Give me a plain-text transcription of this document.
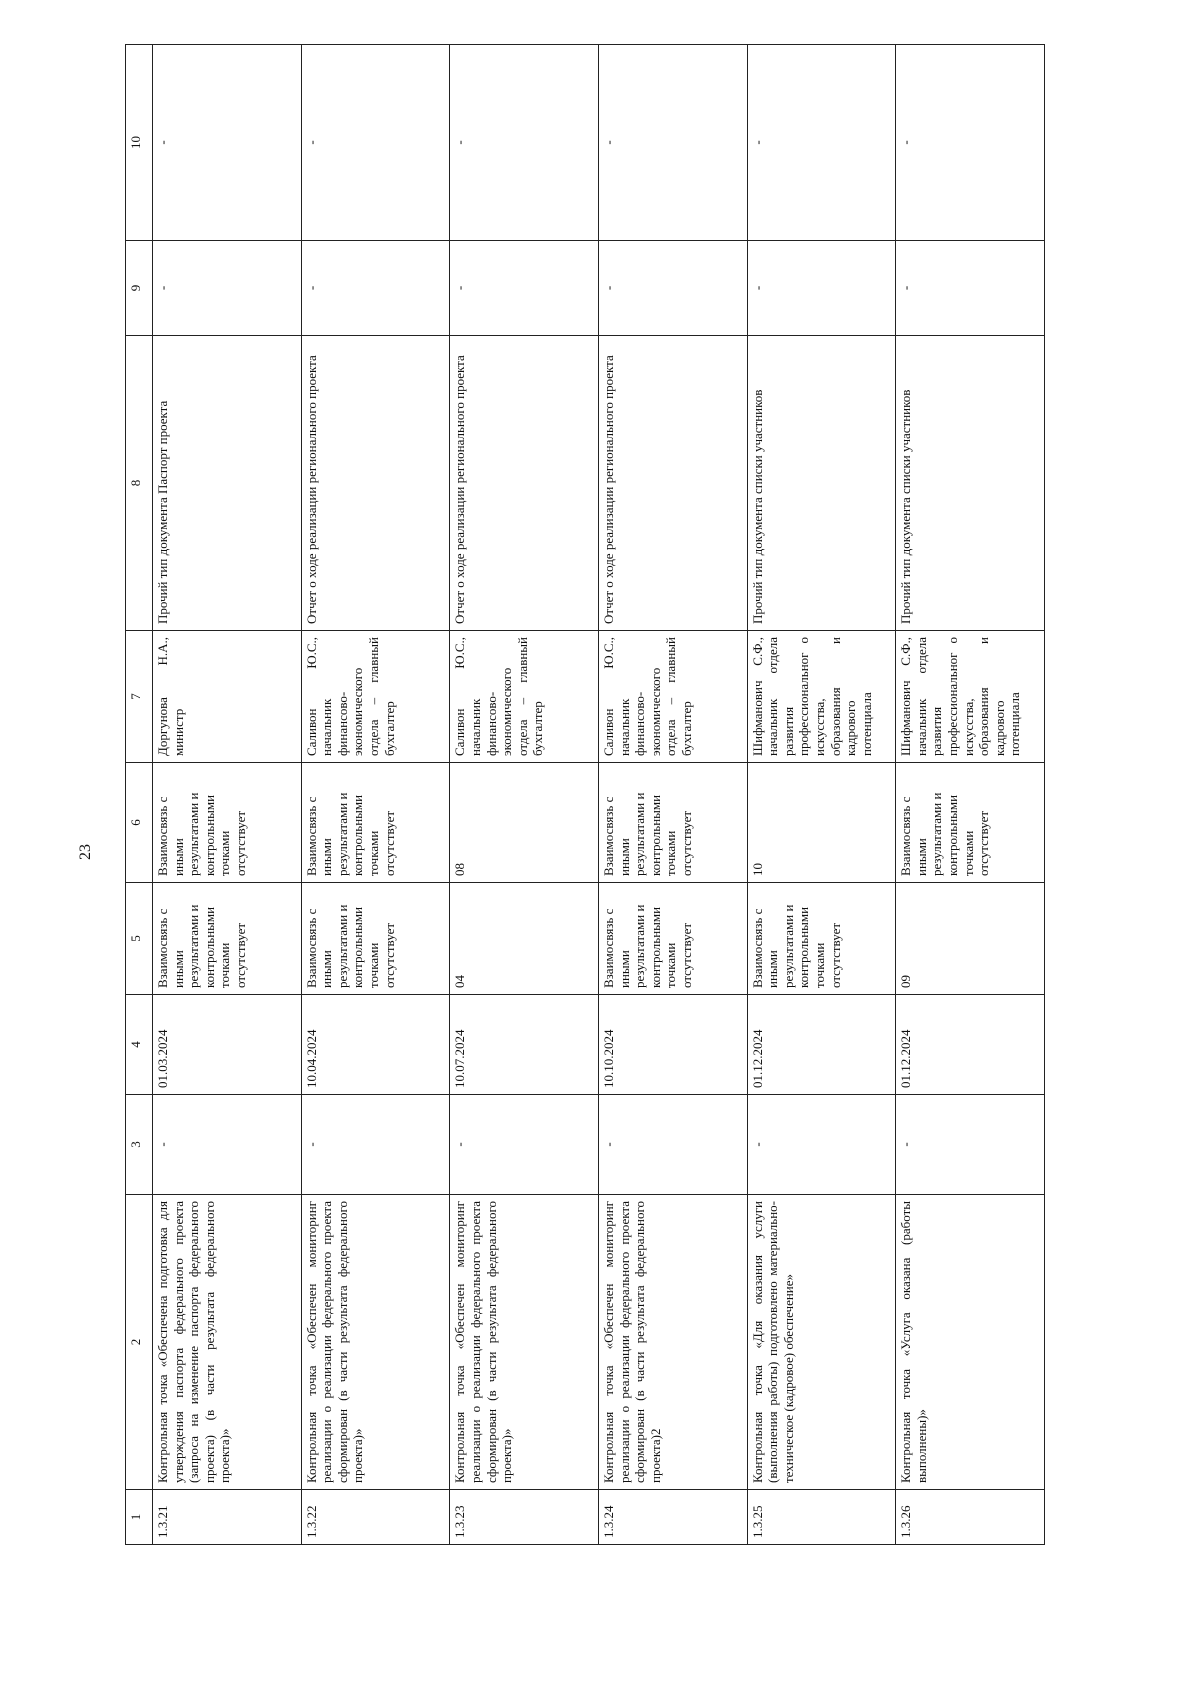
23
1	2	3	4	5	6	7	8	9	10
1.3.21	Контрольная точка «Обеспечена подготовка для утверждения паспорта федерального проекта (запроса на изменение паспорта федерального проекта) (в части результата федерального проекта)»	-	01.03.2024	Взаимосвязь с иными результатами и контрольными точками отсутствует	Взаимосвязь с иными результатами и контрольными точками отсутствует	Доргунова Н.А., министр	Прочий тип документа Паспорт проекта	-	-
1.3.22	Контрольная точка «Обеспечен мониторинг реализации о реализации федерального проекта сформирован (в части результата федерального проекта)»	-	10.04.2024	Взаимосвязь с иными результатами и контрольными точками отсутствует	Взаимосвязь с иными результатами и контрольными точками отсутствует	Саливон Ю.С., начальник финансово-экономического отдела – главный бухгалтер	Отчет о ходе реализации регионального проекта	-	-
1.3.23	Контрольная точка «Обеспечен мониторинг реализации о реализации федерального проекта сформирован (в части результата федерального проекта)»	-	10.07.2024	04	08	Саливон Ю.С., начальник финансово-экономического отдела – главный бухгалтер	Отчет о ходе реализации регионального проекта	-	-
1.3.24	Контрольная точка «Обеспечен мониторинг реализации о реализации федерального проекта сформирован (в части результата федерального проекта)2	-	10.10.2024	Взаимосвязь с иными результатами и контрольными точками отсутствует	Взаимосвязь с иными результатами и контрольными точками отсутствует	Саливон Ю.С., начальник финансово-экономического отдела – главный бухгалтер	Отчет о ходе реализации регионального проекта	-	-
1.3.25	Контрольная точка «Для оказания услуги (выполнения работы) подготовлено материально-техническое (кадровое) обеспечение»	-	01.12.2024	Взаимосвязь с иными результатами и контрольными точками отсутствует	10	Шифманович С.Ф., начальник отдела развития профессиональног о искусства, образования и кадрового потенциала	Прочий тип документа списки участников	-	-
1.3.26	Контрольная точка «Услуга оказана (работы выполнены)»	-	01.12.2024	09	Взаимосвязь с иными результатами и контрольными точками отсутствует	Шифманович С.Ф., начальник отдела развития профессиональног о искусства, образования и кадрового потенциала	Прочий тип документа списки участников	-	-
